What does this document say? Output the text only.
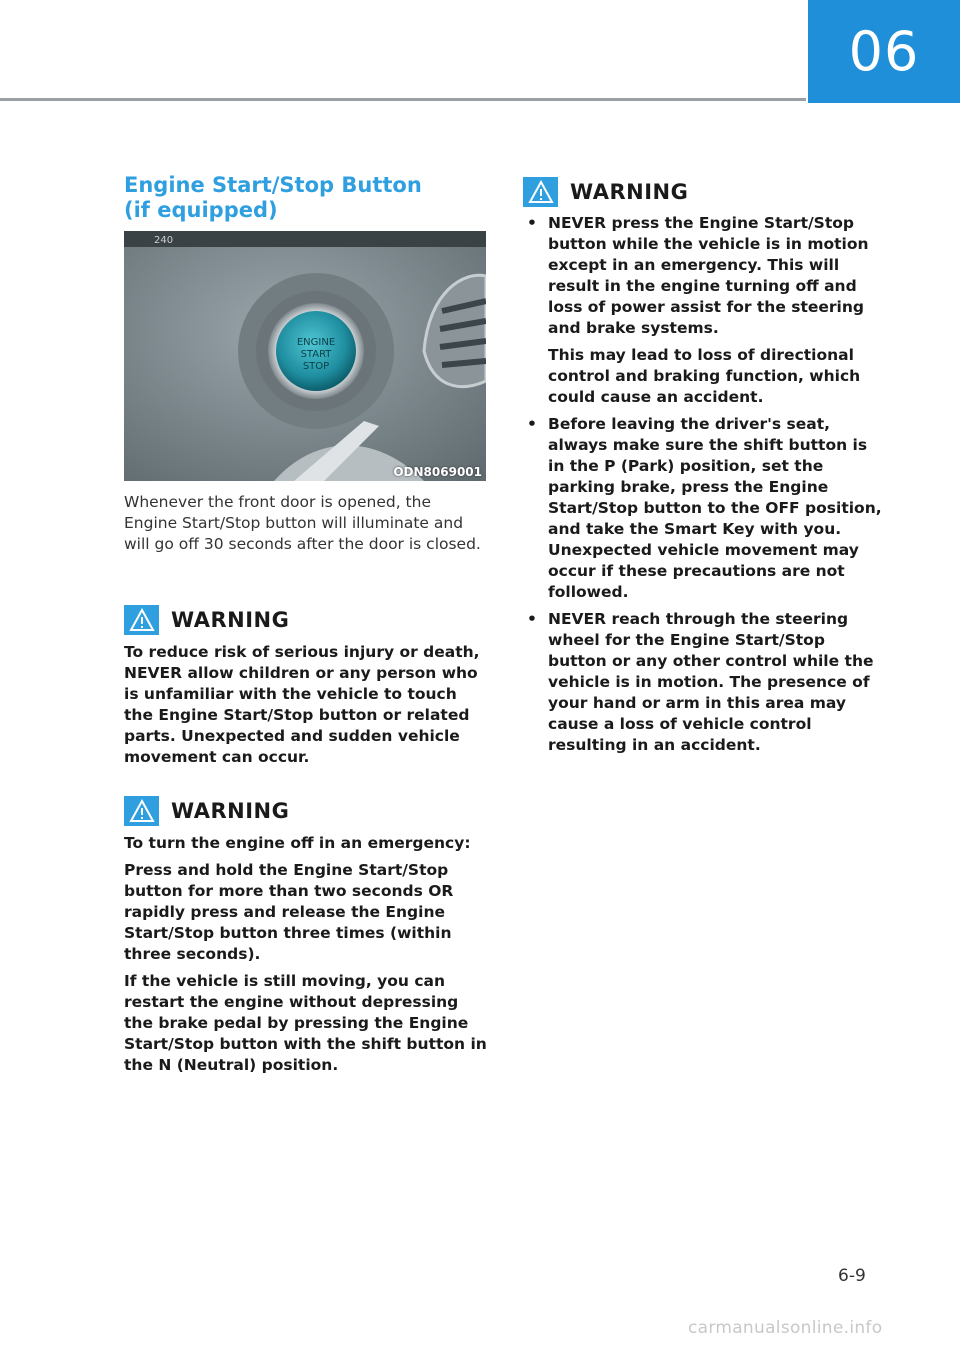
06
Engine Start/Stop Button
(if equipped)
240
ENGINE
START
STOP
ODN8069001
Whenever the front door is opened, the Engine Start/Stop button will illuminate and will go off 30 seconds after the door is closed.
WARNING
To reduce risk of serious injury or death, NEVER allow children or any person who is unfamiliar with the vehicle to touch the Engine Start/Stop button or related parts. Unexpected and sudden vehicle movement can occur.
WARNING

To turn the engine off in an emergency:

Press and hold the Engine Start/Stop button for more than two seconds OR rapidly press and release the Engine Start/Stop button three times (within three seconds).

If the vehicle is still moving, you can restart the engine without depressing the brake pedal by pressing the Engine Start/Stop button with the shift button in the N (Neutral) position.

WARNING
• NEVER press the Engine Start/Stop button while the vehicle is in motion except in an emergency. This will result in the engine turning off and loss of power assist for the steering and brake systems.

This may lead to loss of directional control and braking function, which could cause an accident.

• Before leaving the driver's seat, always make sure the shift button is in the P (Park) position, set the parking brake, press the Engine Start/Stop button to the OFF position, and take the Smart Key with you. Unexpected vehicle movement may occur if these precautions are not followed.

• NEVER reach through the steering wheel for the Engine Start/Stop button or any other control while the vehicle is in motion. The presence of your hand or arm in this area may cause a loss of vehicle control resulting in an accident.

6-9
carmanualsonline.info
